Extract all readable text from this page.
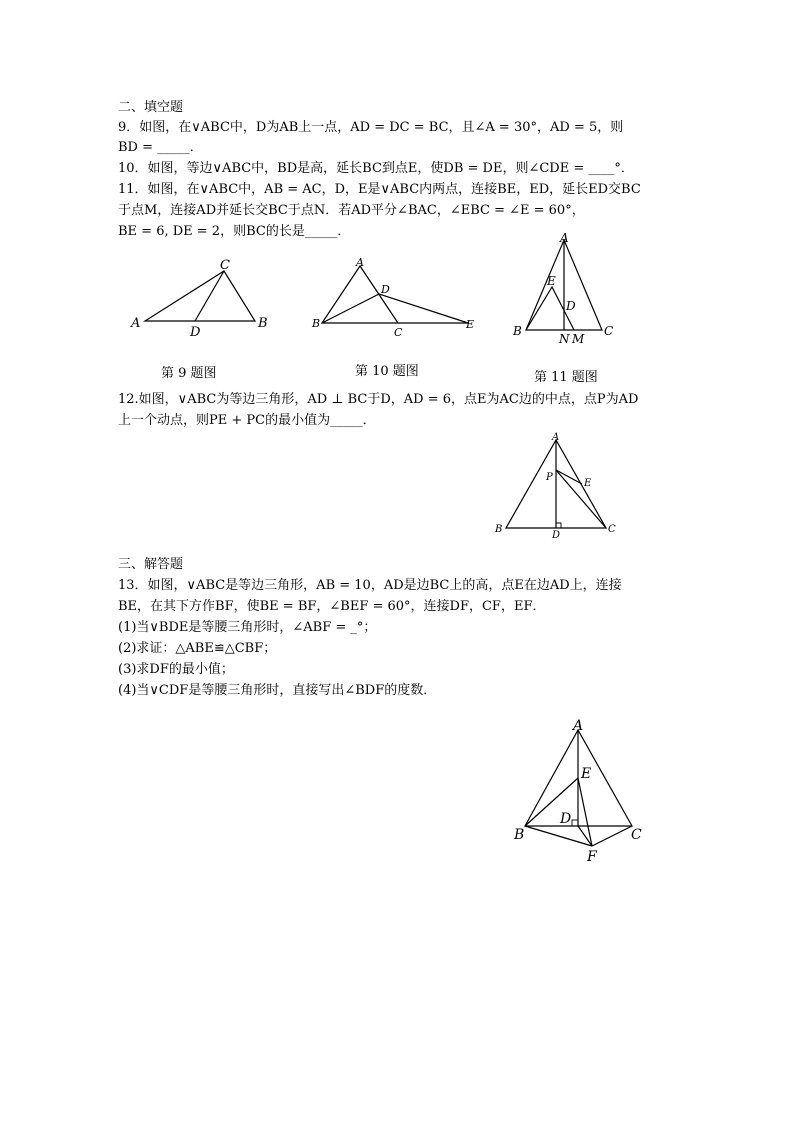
二、填空题
9．如图，在∨ABC中，D为AB上一点，AD = DC = BC，且∠A = 30°，AD = 5，则
BD = _____．
10．如图，等边∨ABC中，BD是高，延长BC到点E，使DB = DE，则∠CDE = ____°．
11．如图，在∨ABC中，AB = AC，D，E是∨ABC内两点，连接BE，ED，延长ED交BC
于点M，连接AD并延长交BC于点N．若AD平分∠BAC，∠EBC = ∠E = 60°，
BE = 6, DE = 2，则BC的长是_____．
A	B
C
D
A
B
C
D
E
A
B	C
E
D
N M
第 9 题图	第 10 题图	第 11 题图
12.如图，∨ABC为等边三角形，AD ⊥ BC于D，AD = 6，点E为AC边的中点，点P为AD
上一个动点，则PE + PC的最小值为_____．
A
B	C
D
E
P
三、解答题
13．如图，∨ABC是等边三角形，AB = 10，AD是边BC上的高，点E在边AD上，连接
BE，在其下方作BF，使BE = BF，∠BEF = 60°，连接DF，CF，EF．
(1)当∨BDE是等腰三角形时，∠ABF = _°；
(2)求证：△ABE≌△CBF；
(3)求DF的最小值；
(4)当∨CDF是等腰三角形时，直接写出∠BDF的度数．
A
B	C
D
E
F
